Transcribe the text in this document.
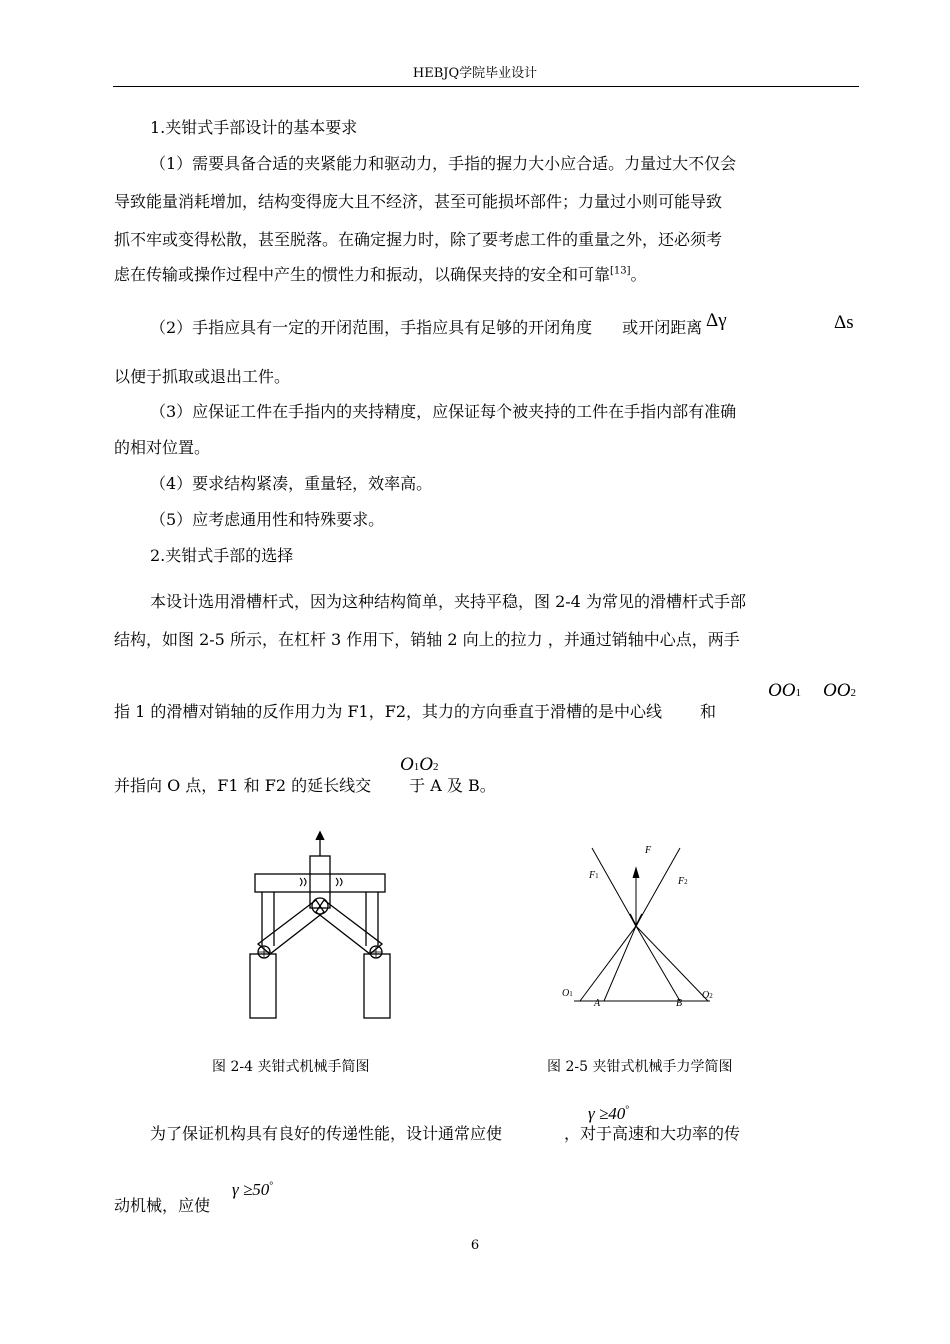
HEBJQ学院毕业设计
1.夹钳式手部设计的基本要求
（1）需要具备合适的夹紧能力和驱动力，手指的握力大小应合适。力量过大不仅会
导致能量消耗增加，结构变得庞大且不经济，甚至可能损坏部件；力量过小则可能导致
抓不牢或变得松散，甚至脱落。在确定握力时，除了要考虑工件的重量之外，还必须考
虑在传输或操作过程中产生的惯性力和振动，以确保夹持的安全和可靠[13]。
（2）手指应具有一定的开闭范围，手指应具有足够的开闭角度 或开闭距离 Δγ	Δs
以便于抓取或退出工件。
（3）应保证工件在手指内的夹持精度，应保证每个被夹持的工件在手指内部有准确
的相对位置。
（4）要求结构紧凑，重量轻，效率高。
（5）应考虑通用性和特殊要求。
2.夹钳式手部的选择
本设计选用滑槽杆式，因为这种结构简单，夹持平稳，图 2-4 为常见的滑槽杆式手部
结构，如图 2-5 所示，在杠杆 3 作用下，销轴 2 向上的拉力 ，并通过销轴中心点，两手
指 1 的滑槽对销轴的反作用力为 F1，F2，其力的方向垂直于滑槽的是中心线 和
OO1 OO2
并指向 O 点，F1 和 F2 的延长线交 于 A 及 B。
O1O2
图 2-4 夹钳式机械手简图
F
F1	F2
O1
A	B
O2
图 2-5 夹钳式机械手力学简图
为了保证机构具有良好的传递性能，设计通常应使	，对于高速和大功率的传
γ ≥40°
动机械，应使
γ ≥50°
6
